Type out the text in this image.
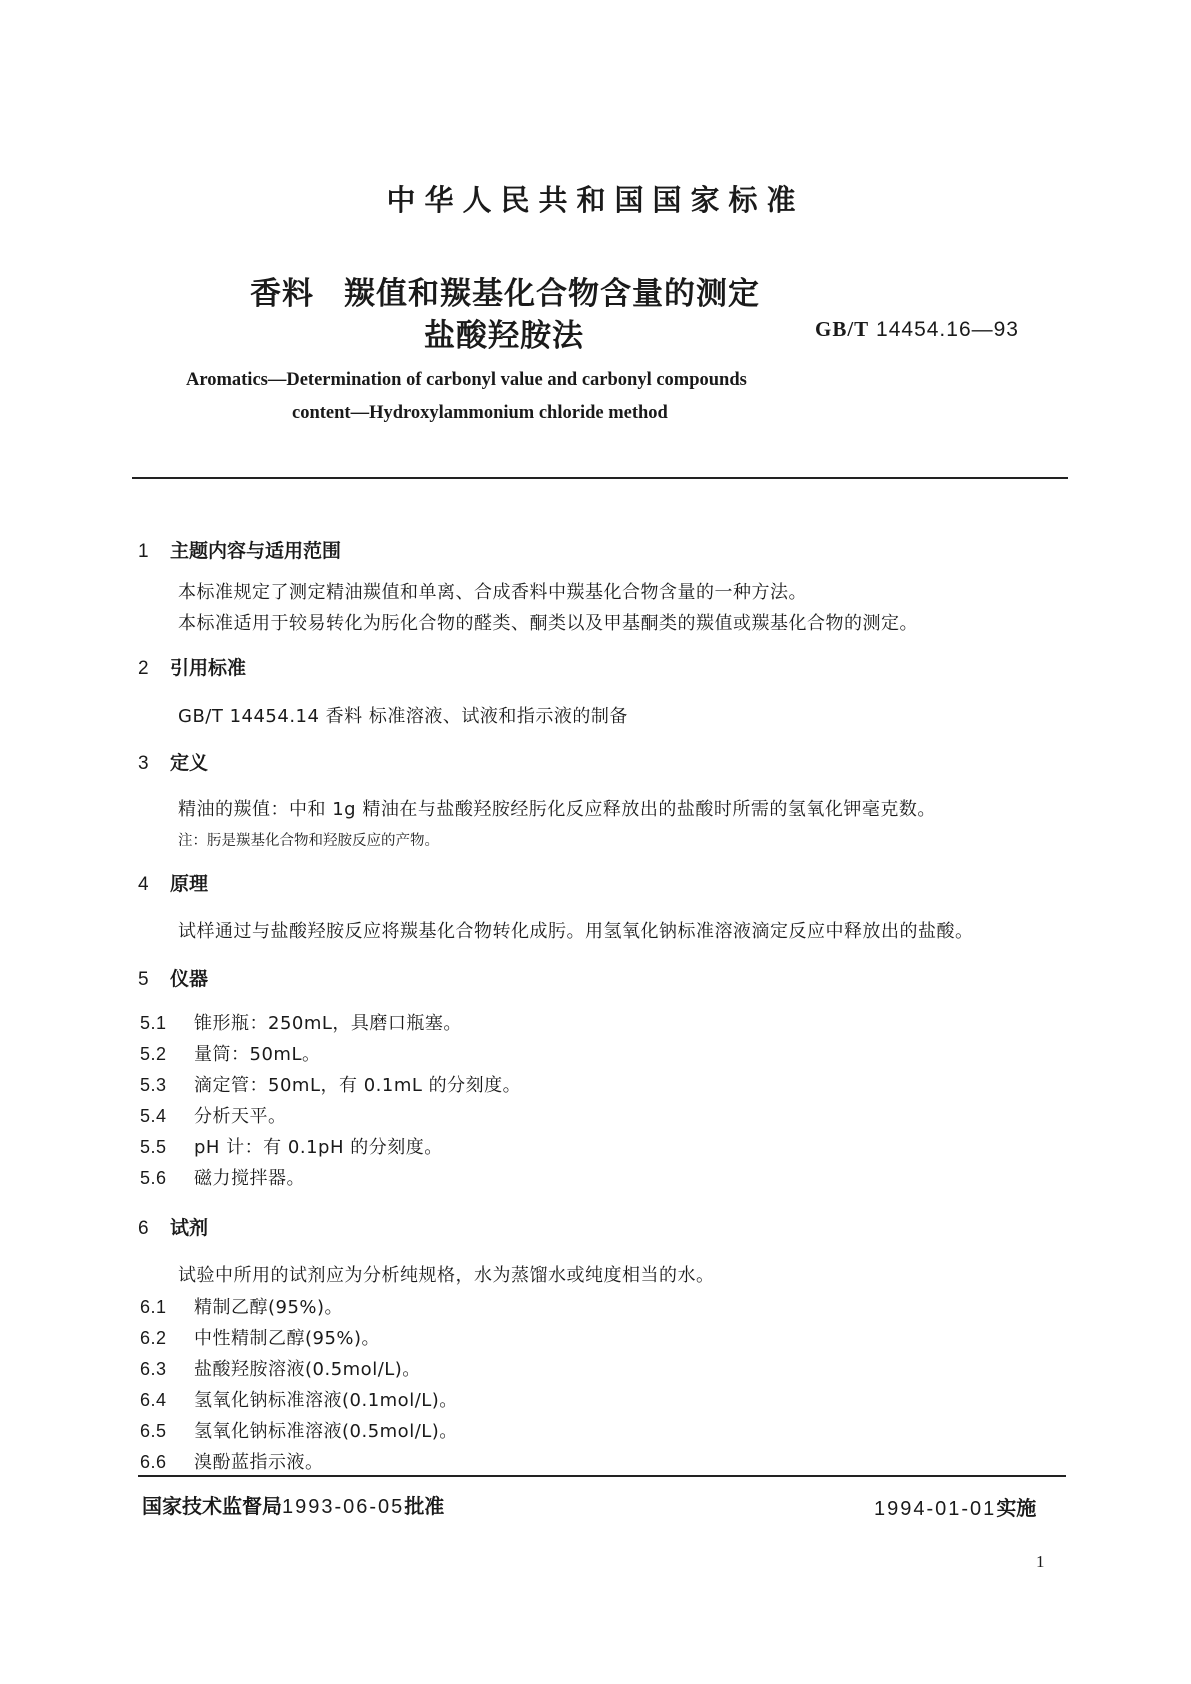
中华人民共和国国家标准
香料 羰值和羰基化合物含量的测定
盐酸羟胺法	GB/T 14454.16—93
Aromatics—Determination of carbonyl value and carbonyl compounds
content—Hydroxylammonium chloride method
1 主题内容与适用范围
本标准规定了测定精油羰值和单离、合成香料中羰基化合物含量的一种方法。
本标准适用于较易转化为肟化合物的醛类、酮类以及甲基酮类的羰值或羰基化合物的测定。
2 引用标准
GB/T 14454.14 香料 标准溶液、试液和指示液的制备
3 定义
精油的羰值：中和 1g 精油在与盐酸羟胺经肟化反应释放出的盐酸时所需的氢氧化钾毫克数。
注：肟是羰基化合物和羟胺反应的产物。
4 原理
试样通过与盐酸羟胺反应将羰基化合物转化成肟。用氢氧化钠标准溶液滴定反应中释放出的盐酸。
5 仪器
5.1 锥形瓶：250mL，具磨口瓶塞。
5.2 量筒：50mL。
5.3 滴定管：50mL，有 0.1mL 的分刻度。
5.4 分析天平。
5.5 pH 计：有 0.1pH 的分刻度。
5.6 磁力搅拌器。
6 试剂
试验中所用的试剂应为分析纯规格，水为蒸馏水或纯度相当的水。
6.1 精制乙醇(95%)。
6.2 中性精制乙醇(95%)。
6.3 盐酸羟胺溶液(0.5mol/L)。
6.4 氢氧化钠标准溶液(0.1mol/L)。
6.5 氢氧化钠标准溶液(0.5mol/L)。
6.6 溴酚蓝指示液。
国家技术监督局1993-06-05批准	1994-01-01实施
1
